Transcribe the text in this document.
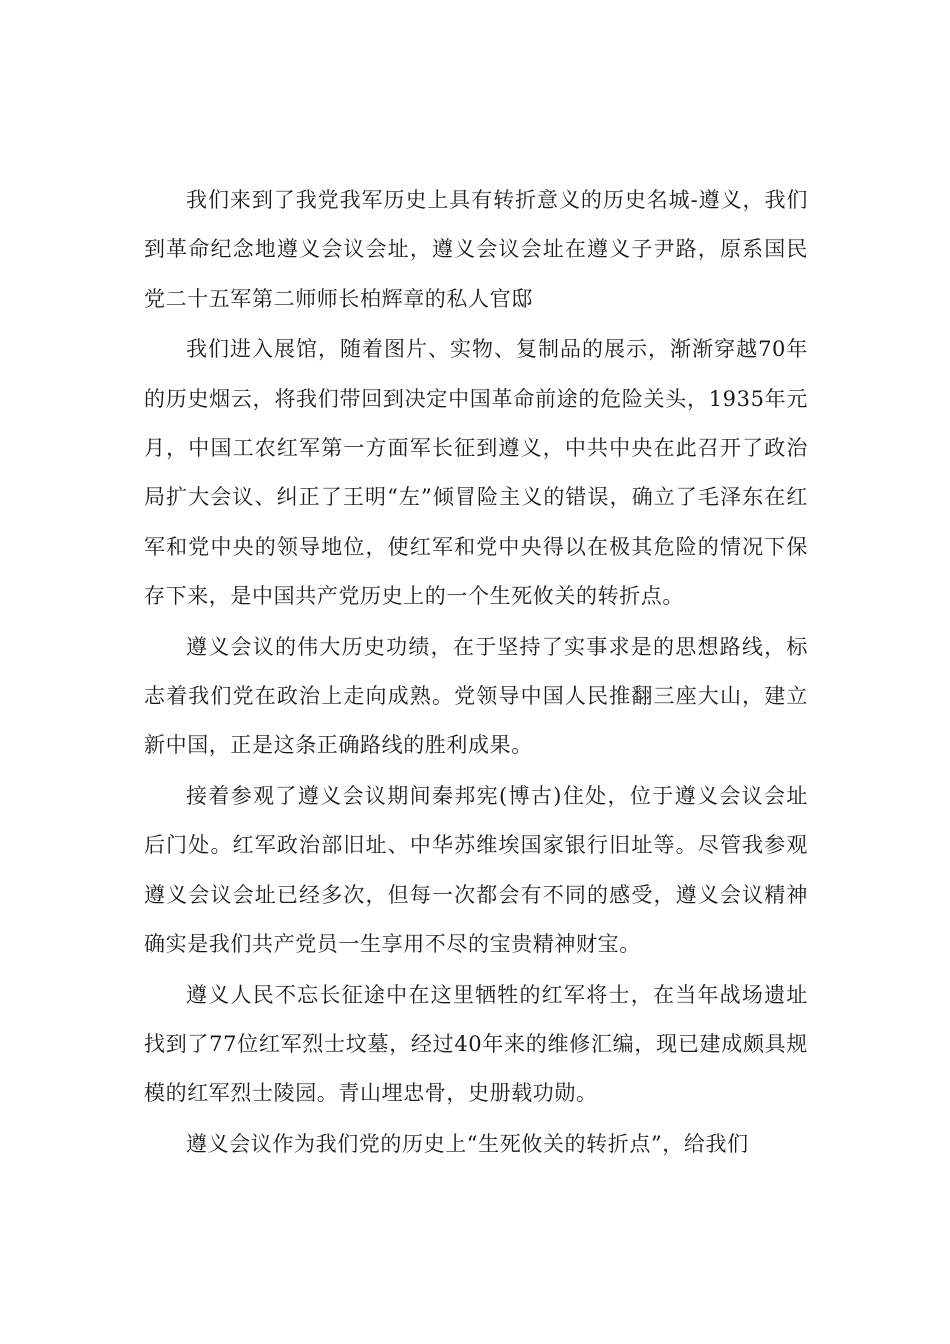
我们来到了我党我军历史上具有转折意义的历史名城-遵义，我们到革命纪念地遵义会议会址，遵义会议会址在遵义子尹路，原系国民党二十五军第二师师长柏辉章的私人官邸

我们进入展馆，随着图片、实物、复制品的展示，渐渐穿越70年的历史烟云，将我们带回到决定中国革命前途的危险关头，1935年元月，中国工农红军第一方面军长征到遵义，中共中央在此召开了政治局扩大会议、纠正了王明“左”倾冒险主义的错误，确立了毛泽东在红军和党中央的领导地位，使红军和党中央得以在极其危险的情况下保存下来，是中国共产党历史上的一个生死攸关的转折点。

遵义会议的伟大历史功绩，在于坚持了实事求是的思想路线，标志着我们党在政治上走向成熟。党领导中国人民推翻三座大山，建立新中国，正是这条正确路线的胜利成果。

接着参观了遵义会议期间秦邦宪(博古)住处，位于遵义会议会址后门处。红军政治部旧址、中华苏维埃国家银行旧址等。尽管我参观遵义会议会址已经多次，但每一次都会有不同的感受，遵义会议精神确实是我们共产党员一生享用不尽的宝贵精神财宝。

遵义人民不忘长征途中在这里牺牲的红军将士，在当年战场遗址找到了77位红军烈士坟墓，经过40年来的维修汇编，现已建成颇具规模的红军烈士陵园。青山埋忠骨，史册载功勋。

遵义会议作为我们党的历史上“生死攸关的转折点”，给我们
